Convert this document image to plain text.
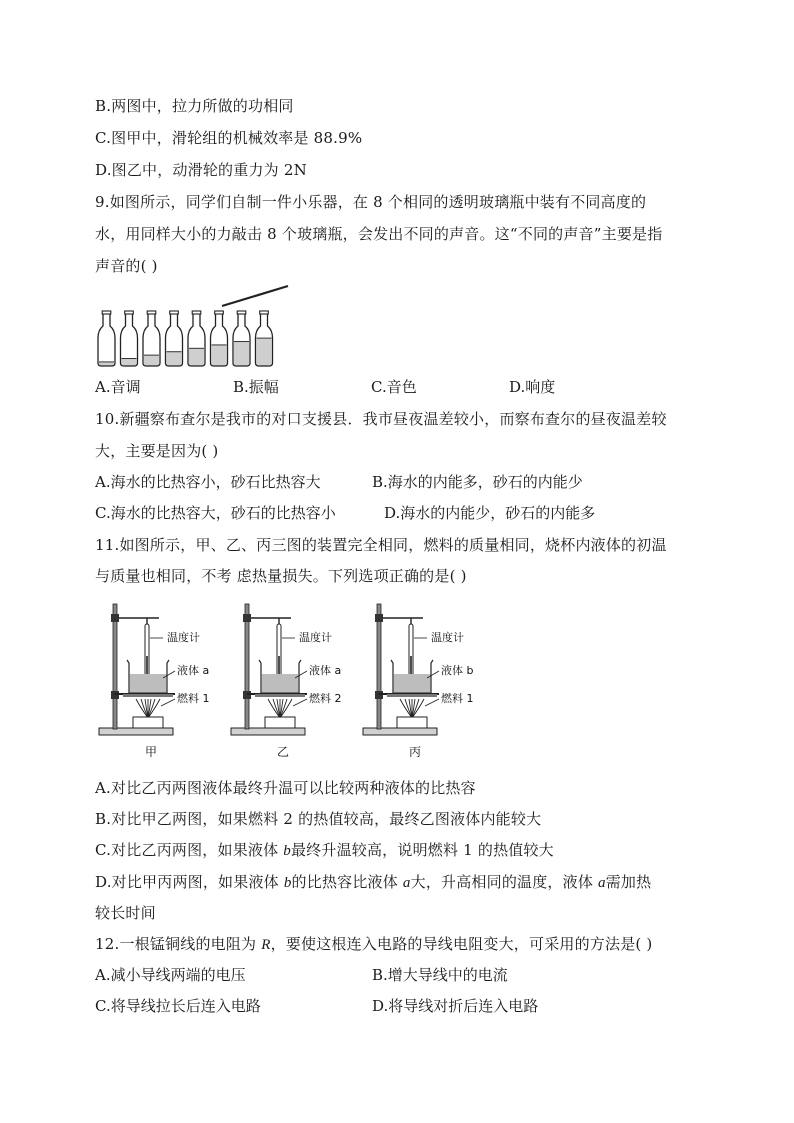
B.两图中，拉力所做的功相同
C.图甲中，滑轮组的机械效率是 88.9%
D.图乙中，动滑轮的重力为 2N
9.如图所示，同学们自制一件小乐器，在 8 个相同的透明玻璃瓶中装有不同高度的
水，用同样大小的力敲击 8 个玻璃瓶，会发出不同的声音。这“不同的声音”主要是指
声音的( )
A.音调	B.振幅	C.音色	D.响度
10.新疆察布查尔是我市的对口支援县．我市昼夜温差较小，而察布查尔的昼夜温差较
大，主要是因为( )
A.海水的比热容小，砂石比热容大	B.海水的内能多，砂石的内能少
C.海水的比热容大，砂石的比热容小	D.海水的内能少，砂石的内能多
11.如图所示，甲、乙、丙三图的装置完全相同，燃料的质量相同，烧杯内液体的初温
与质量也相同，不考 虑热量损失。下列选项正确的是( )
温度计
液体 a
燃料 1
甲
温度计
液体 a
燃料 2
乙
温度计
液体 b
燃料 1
丙
A.对比乙丙两图液体最终升温可以比较两种液体的比热容
B.对比甲乙两图，如果燃料 2 的热值较高，最终乙图液体内能较大
C.对比乙丙两图，如果液体 b最终升温较高，说明燃料 1 的热值较大
D.对比甲丙两图，如果液体 b的比热容比液体 a大，升高相同的温度，液体 a需加热
较长时间
12.一根锰铜线的电阻为 R，要使这根连入电路的导线电阻变大，可采用的方法是( )
A.减小导线两端的电压	B.增大导线中的电流
C.将导线拉长后连入电路	D.将导线对折后连入电路
